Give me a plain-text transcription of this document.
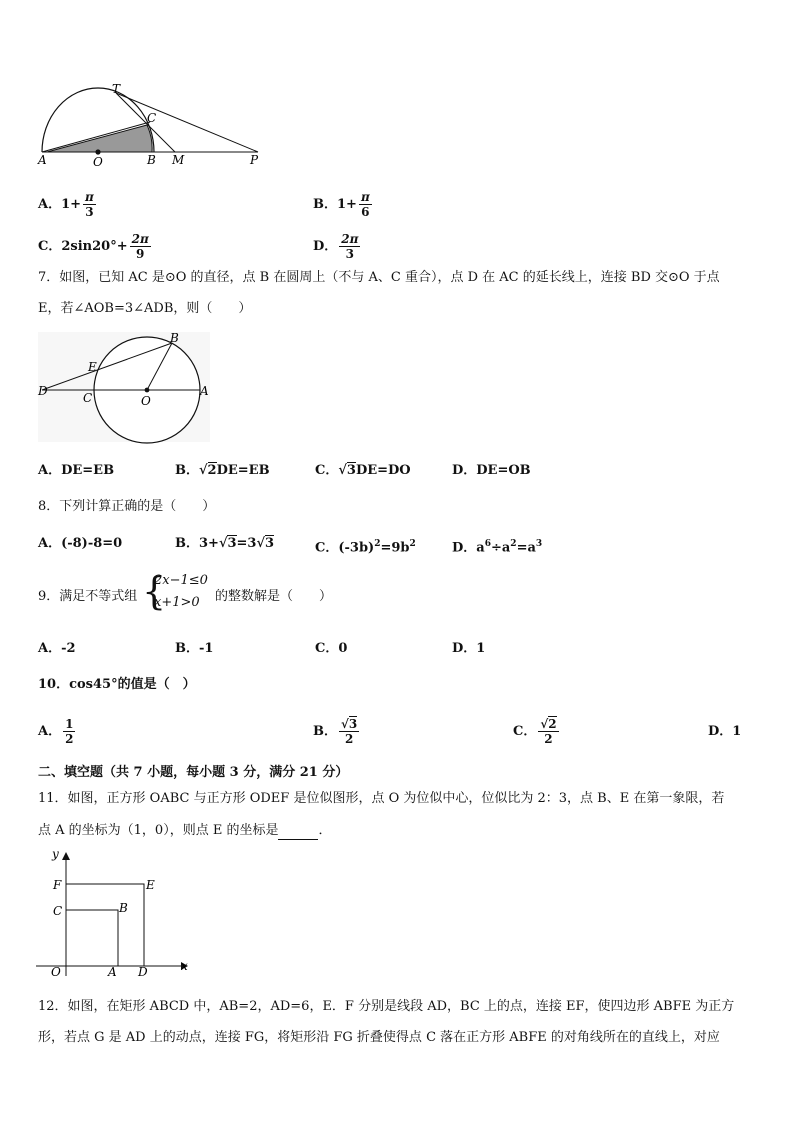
A	O	B M	P
T
C
A．$1+ \frac{\pi}{3}$	B．$1+ \frac{\pi}{6}$
C．$2\sin 20^\circ+ \frac{2\pi}{9}$	D． $\frac{2\pi}{3}$
7．如图，已知 AC 是⊙O 的直径，点 B 在圆周上（不与 A、C 重合），点 D 在 AC 的延长线上，连接 BD 交⊙O 于点
E，若∠AOB=3∠ADB，则（　　）
D
E
B
C	O
A
A．DE=EB	B．√2DE=EB	C．√3DE=DO	D．DE=OB
8．下列计算正确的是（　　）
A．(-8)-8=0	B．3+√3=3√3	C．$(-3b)^2=9b^2$	D．$a^6\div a^2=a^3$
9．满足不等式组 {
2x−1≤0
x+1>0 的整数解是（　　）
A．-2	B．-1	C．0	D．1
10．cos45°的值是（　）
A． $\frac{1}{2}$	B． $\frac{√3}{2}$	C． $\frac{√2}{2}$	D．1
二、填空题（共 7 小题，每小题 3 分，满分 21 分）
11．如图，正方形 OABC 与正方形 ODEF 是位似图形，点 O 为位似中心，位似比为 2：3，点 B、E 在第一象限，若
点 A 的坐标为（1，0），则点 E 的坐标是	．
y
x
F	E
C	B
O	A D
12．如图，在矩形 ABCD 中，AB=2，AD=6，E．F 分别是线段 AD，BC 上的点，连接 EF，使四边形 ABFE 为正方
形，若点 G 是 AD 上的动点，连接 FG，将矩形沿 FG 折叠使得点 C 落在正方形 ABFE 的对角线所在的直线上，对应
